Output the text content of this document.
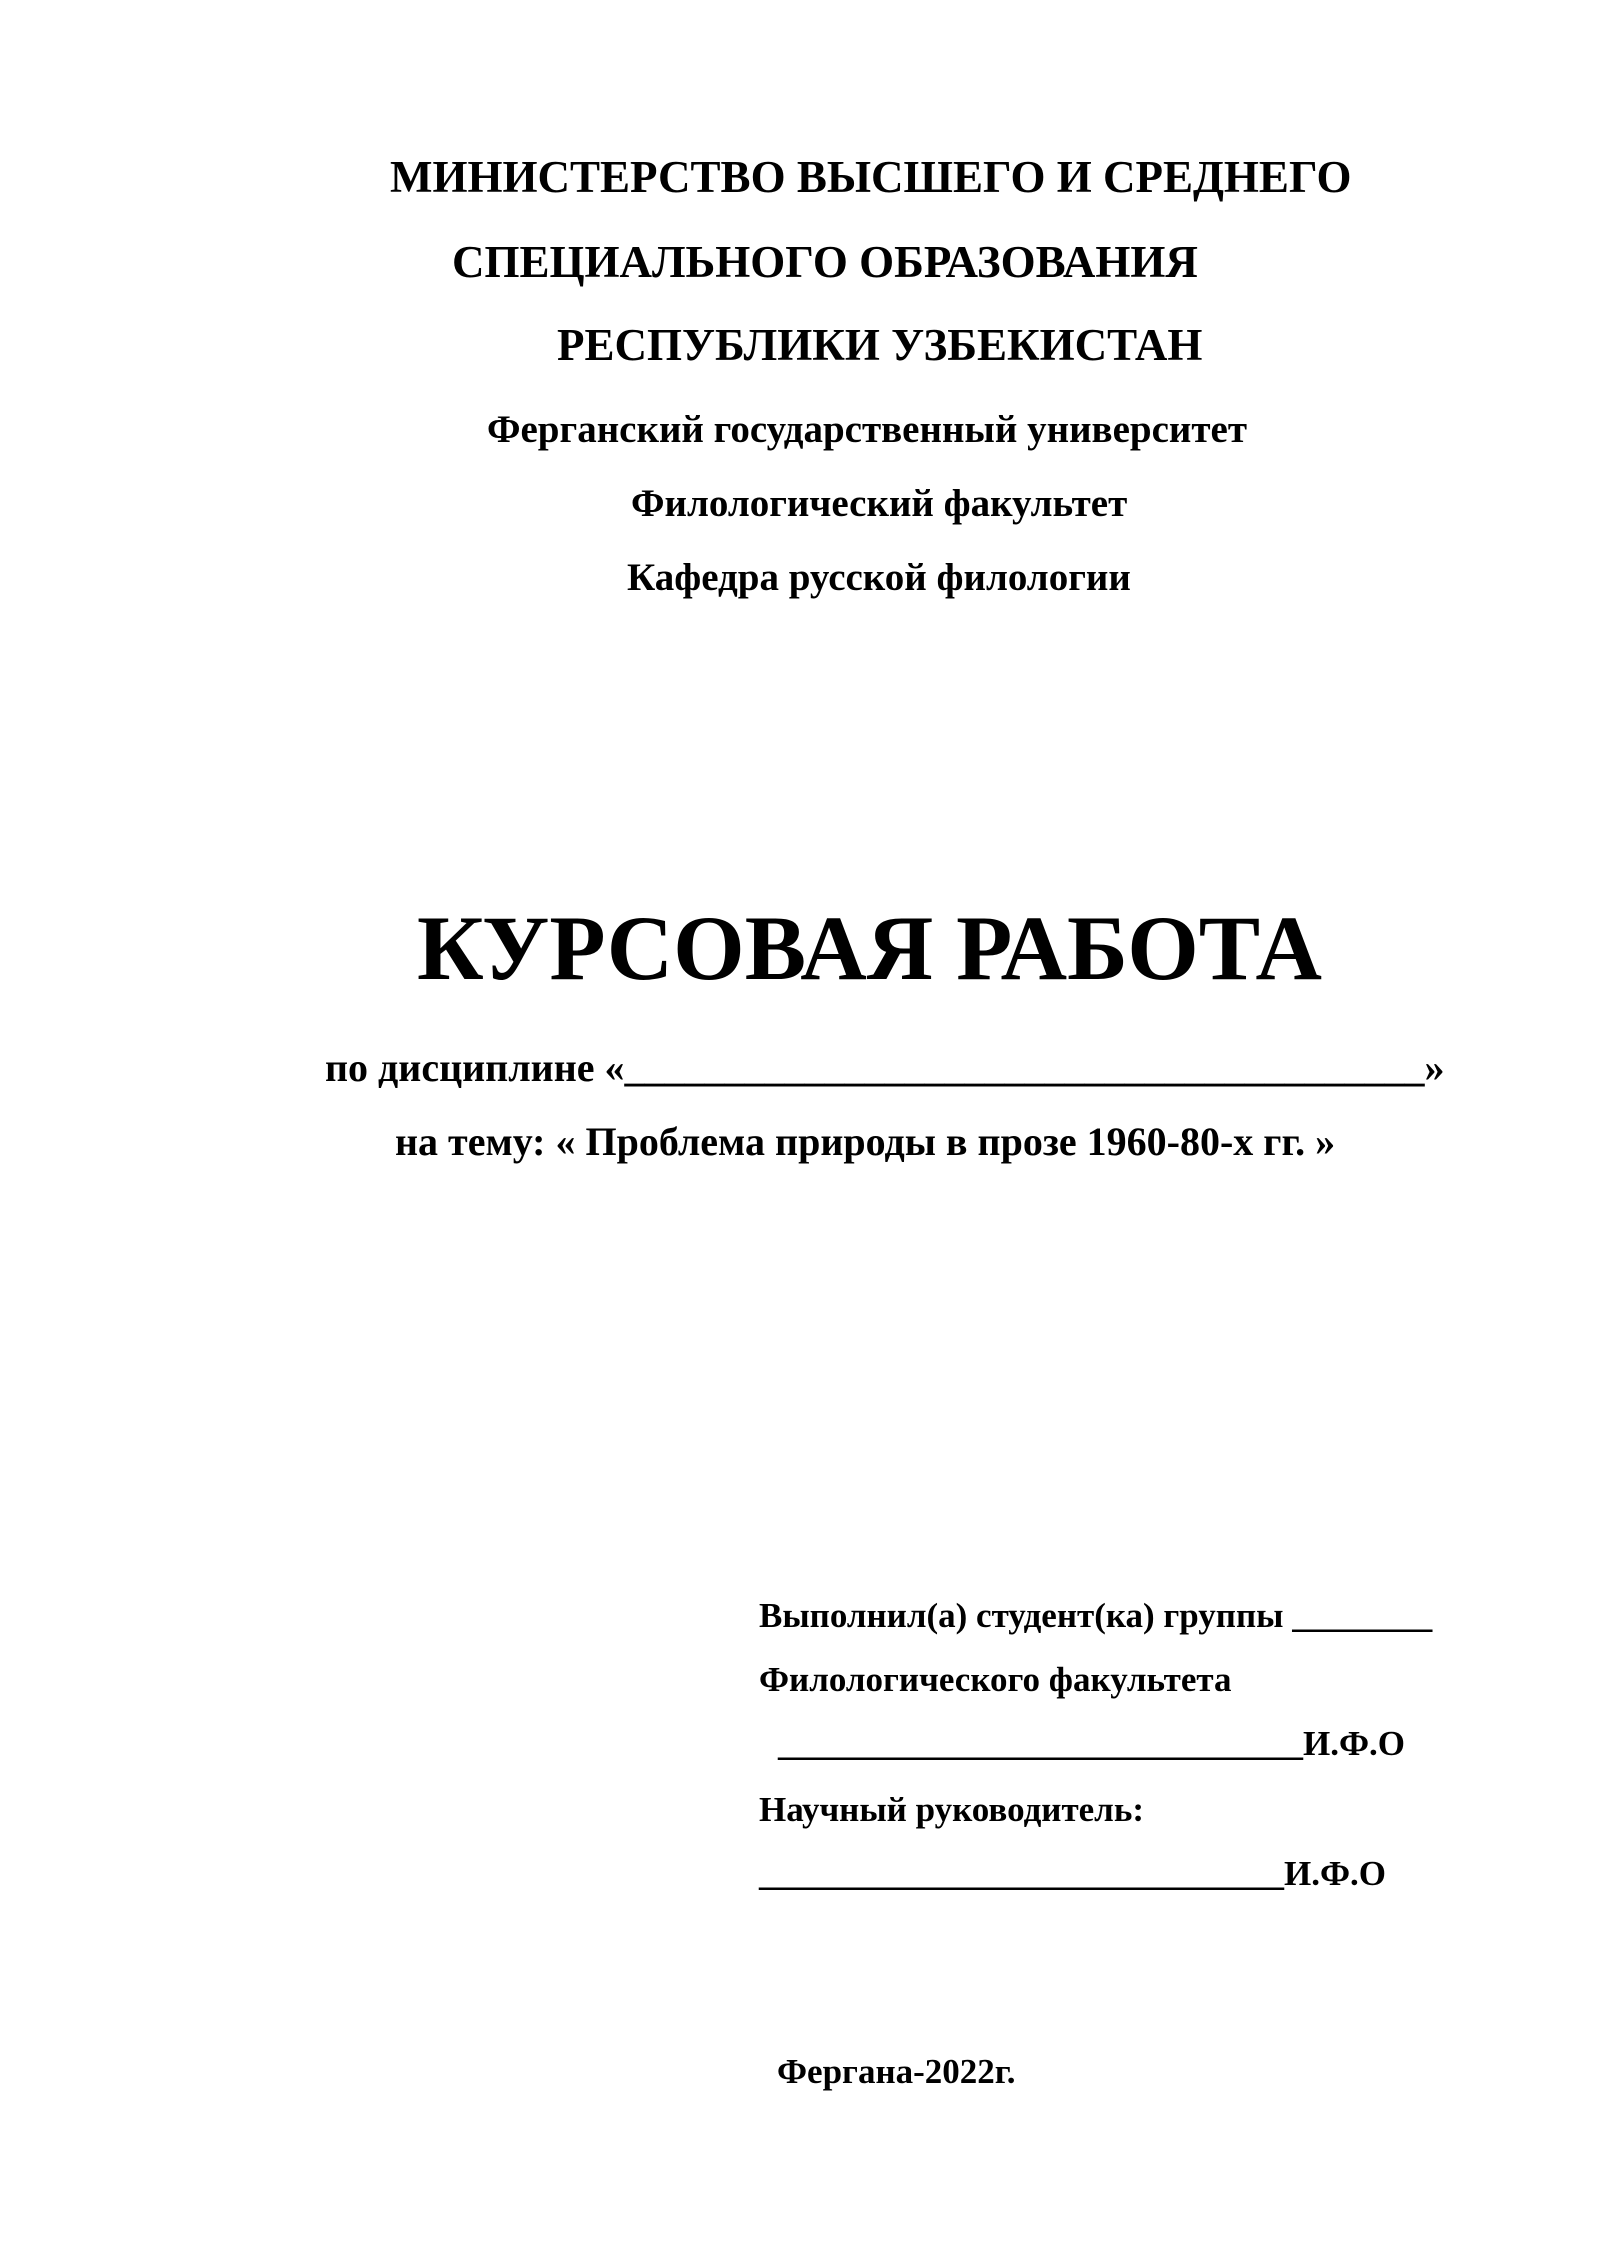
МИНИСТЕРСТВО ВЫСШЕГО И СРЕДНЕГО
СПЕЦИАЛЬНОГО ОБРАЗОВАНИЯ
РЕСПУБЛИКИ УЗБЕКИСТАН
Ферганский государственный университет
Филологический факультет
Кафедра русской филологии
КУРСОВАЯ РАБОТА
по дисциплине «________________________________________»
на тему: « Проблема природы в прозе 1960-80-х гг. »
Выполнил(а) студент(ка) группы ________
Филологического факультета
______________________________И.Ф.О
Научный руководитель:
______________________________И.Ф.О
Фергана-2022г.
